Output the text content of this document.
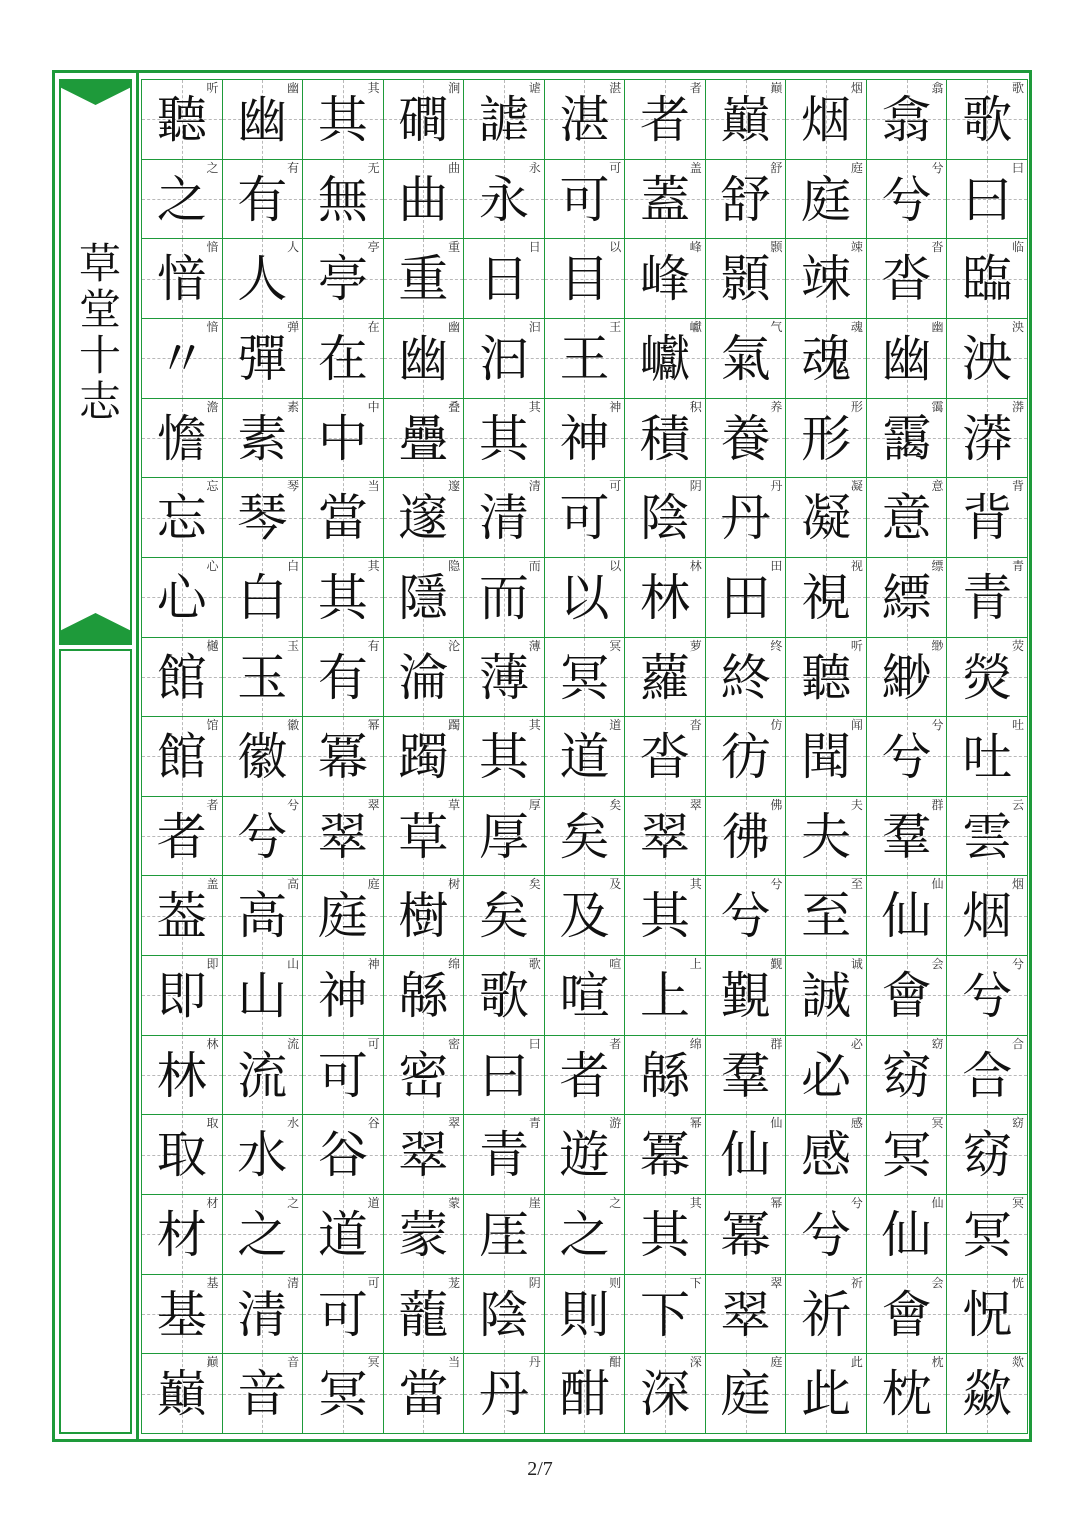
草堂十志
听
聽
幽
幽
其
其
涧
磵
谑
謔
湛
湛
者
者
巅
巔
烟
烟
翕
翕
歌
歌
之
之
有
有
无
無
曲
曲
永
永
可
可
盖
蓋
舒
舒
庭
庭
兮
兮
曰
曰
愔
愔
人
人
亭
亭
重
重
日
日
以
目
峰
峰
颢
顥
竦
竦
沓
沓
临
臨
愔
〃
弹
彈
在
在
幽
幽
汩
汩
王
王
巘
巘
气
氣
魂
魂
幽
幽
泱
泱
澹
憺
素
素
中
中
叠
疊
其
其
神
神
积
積
养
養
形
形
霭
靄
漭
漭
忘
忘
琴
琴
当
當
邃
邃
清
清
可
可
阴
陰
丹
丹
凝
凝
意
意
背
背
心
心
白
白
其
其
隐
隱
而
而
以
以
林
林
田
田
视
視
缥
縹
青
青
樾
館
玉
玉
有
有
沦
淪
薄
薄
冥
冥
萝
蘿
终
終
听
聽
缈
緲
荧
熒
馆
館
徽
徽
幂
冪
躅
躅
其
其
道
道
沓
沓
仿
彷
闻
聞
兮
兮
吐
吐
者
者
兮
兮
翠
翠
草
草
厚
厚
矣
矣
翠
翠
佛
彿
夫
夫
群
羣
云
雲
盖
葢
高
高
庭
庭
树
樹
矣
矣
及
及
其
其
兮
兮
至
至
仙
仙
烟
烟
即
即
山
山
神
神
绵
緜
歌
歌
喧
喧
上
上
觐
覲
诚
誠
会
會
兮
兮
林
林
流
流
可
可
密
密
曰
曰
者
者
绵
緜
群
羣
必
必
窈
窈
合
合
取
取
水
水
谷
谷
翠
翠
青
青
游
遊
幂
冪
仙
仙
感
感
冥
冥
窈
窈
材
材
之
之
道
道
蒙
蒙
崖
厓
之
之
其
其
幂
冪
兮
兮
仙
仙
冥
冥
基
基
清
清
可
可
茏
蘢
阴
陰
则
則
下
下
翠
翠
祈
祈
会
會
恍
怳
巅
巔
音
音
冥
冥
当
當
丹
丹
酣
酣
深
深
庭
庭
此
此
枕
枕
欻
歘
2/7
